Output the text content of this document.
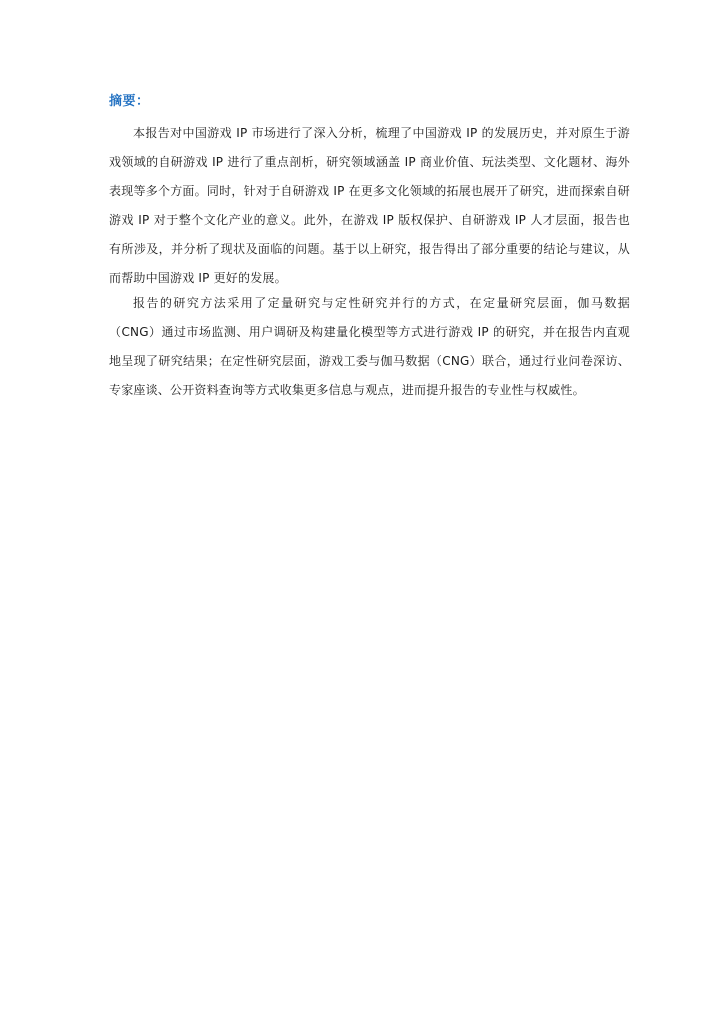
摘要：

本报告对中国游戏 IP 市场进行了深入分析，梳理了中国游戏 IP 的发展历史，并对原生于游戏领域的自研游戏 IP 进行了重点剖析，研究领域涵盖 IP 商业价值、玩法类型、文化题材、海外表现等多个方面。同时，针对于自研游戏 IP 在更多文化领域的拓展也展开了研究，进而探索自研游戏 IP 对于整个文化产业的意义。此外，在游戏 IP 版权保护、自研游戏 IP 人才层面，报告也有所涉及，并分析了现状及面临的问题。基于以上研究，报告得出了部分重要的结论与建议，从而帮助中国游戏 IP 更好的发展。

报告的研究方法采用了定量研究与定性研究并行的方式，在定量研究层面，伽马数据（CNG）通过市场监测、用户调研及构建量化模型等方式进行游戏 IP 的研究，并在报告内直观地呈现了研究结果；在定性研究层面，游戏工委与伽马数据（CNG）联合，通过行业问卷深访、专家座谈、公开资料查询等方式收集更多信息与观点，进而提升报告的专业性与权威性。
